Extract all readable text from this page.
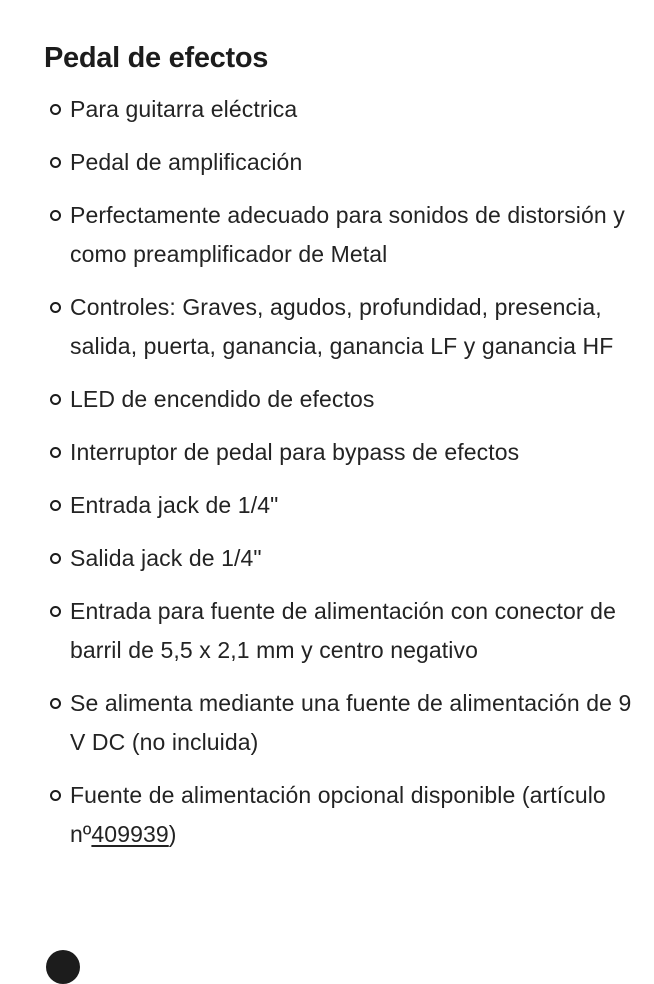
Pedal de efectos
Para guitarra eléctrica
Pedal de amplificación
Perfectamente adecuado para sonidos de distorsión y como preamplificador de Metal
Controles: Graves, agudos, profundidad, presencia, salida, puerta, ganancia, ganancia LF y ganancia HF
LED de encendido de efectos
Interruptor de pedal para bypass de efectos
Entrada jack de 1/4"
Salida jack de 1/4"
Entrada para fuente de alimentación con conector de barril de 5,5 x 2,1 mm y centro negativo
Se alimenta mediante una fuente de alimentación de 9 V DC (no incluida)
Fuente de alimentación opcional disponible (artículo nº409939)
